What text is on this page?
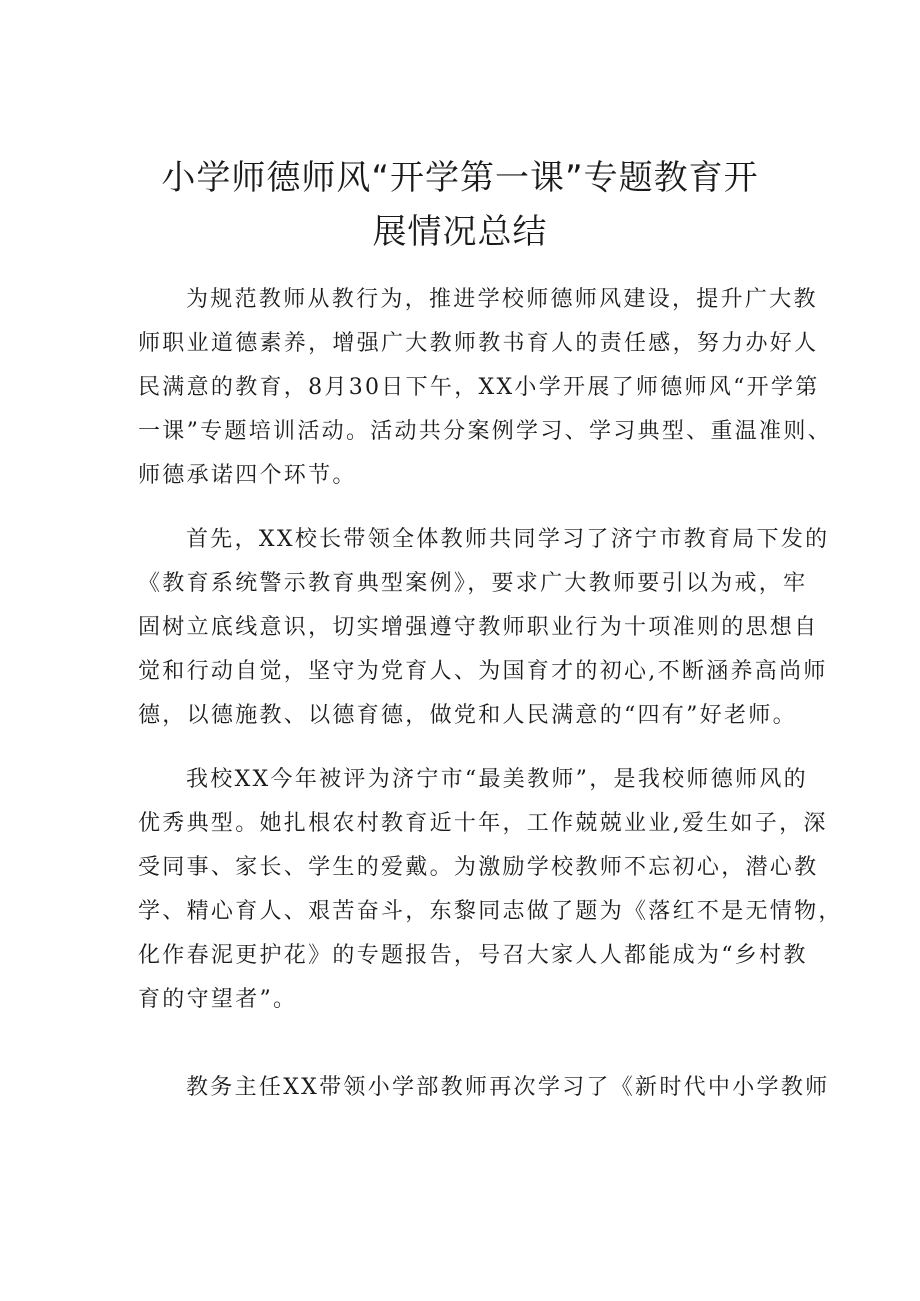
小学师德师风“开学第一课”专题教育开
展情况总结
为规范教师从教行为，推进学校师德师风建设，提升广大教
师职业道德素养，增强广大教师教书育人的责任感，努力办好人
民满意的教育，8月30日下午，XX小学开展了师德师风“开学第
一课”专题培训活动。活动共分案例学习、学习典型、重温准则、
师德承诺四个环节。
首先，XX校长带领全体教师共同学习了济宁市教育局下发的
《教育系统警示教育典型案例》，要求广大教师要引以为戒，牢
固树立底线意识，切实增强遵守教师职业行为十项准则的思想自
觉和行动自觉，坚守为党育人、为国育才的初心,不断涵养高尚师
德，以德施教、以德育德，做党和人民满意的“四有”好老师。
我校XX今年被评为济宁市“最美教师”，是我校师德师风的
优秀典型。她扎根农村教育近十年，工作兢兢业业,爱生如子，深
受同事、家长、学生的爱戴。为激励学校教师不忘初心，潜心教
学、精心育人、艰苦奋斗，东黎同志做了题为《落红不是无情物，
化作春泥更护花》的专题报告，号召大家人人都能成为“乡村教
育的守望者”。
教务主任XX带领小学部教师再次学习了《新时代中小学教师
